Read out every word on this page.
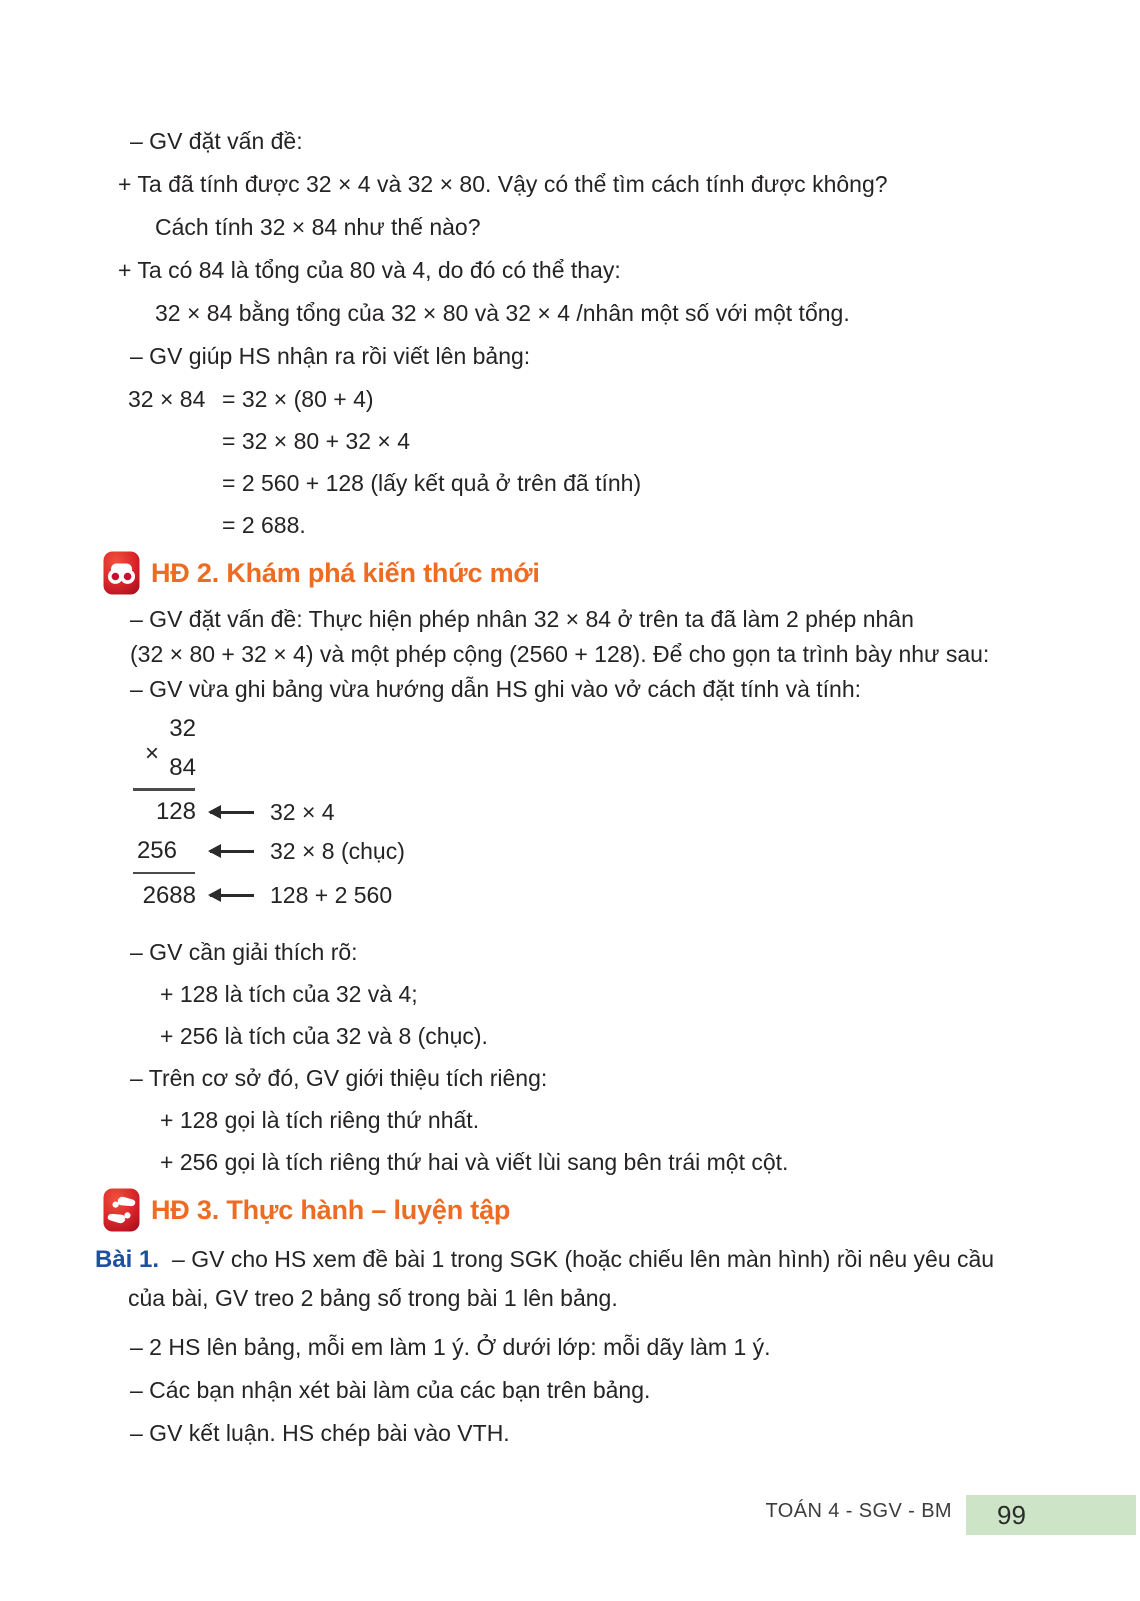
– GV đặt vấn đề:

+ Ta đã tính được 32 × 4 và 32 × 80. Vậy có thể tìm cách tính được không?

Cách tính 32 × 84 như thế nào?

+ Ta có 84 là tổng của 80 và 4, do đó có thể thay:

32 × 84 bằng tổng của 32 × 80 và 32 × 4 /nhân một số với một tổng.

– GV giúp HS nhận ra rồi viết lên bảng:

32 × 84 = 32 × (80 + 4)
= 32 × 80 + 32 × 4
= 2 560 + 128 (lấy kết quả ở trên đã tính)
= 2 688.
HĐ 2. Khám phá kiến thức mới

– GV đặt vấn đề: Thực hiện phép nhân 32 × 84 ở trên ta đã làm 2 phép nhân

(32 × 80 + 32 × 4) và một phép cộng (2560 + 128). Để cho gọn ta trình bày như sau:

– GV vừa ghi bảng vừa hướng dẫn HS ghi vào vở cách đặt tính và tính:

×
32
84
128	32 × 4
256	32 × 8 (chục)
2688	128 + 2 560

– GV cần giải thích rõ:

+ 128 là tích của 32 và 4;

+ 256 là tích của 32 và 8 (chục).

– Trên cơ sở đó, GV giới thiệu tích riêng:

+ 128 gọi là tích riêng thứ nhất.

+ 256 gọi là tích riêng thứ hai và viết lùi sang bên trái một cột.

HĐ 3. Thực hành – luyện tập

Bài 1. – GV cho HS xem đề bài 1 trong SGK (hoặc chiếu lên màn hình) rồi nêu yêu cầu

của bài, GV treo 2 bảng số trong bài 1 lên bảng.

– 2 HS lên bảng, mỗi em làm 1 ý. Ở dưới lớp: mỗi dãy làm 1 ý.

– Các bạn nhận xét bài làm của các bạn trên bảng.

– GV kết luận. HS chép bài vào VTH.

TOÁN 4 - SGV - BM	99
